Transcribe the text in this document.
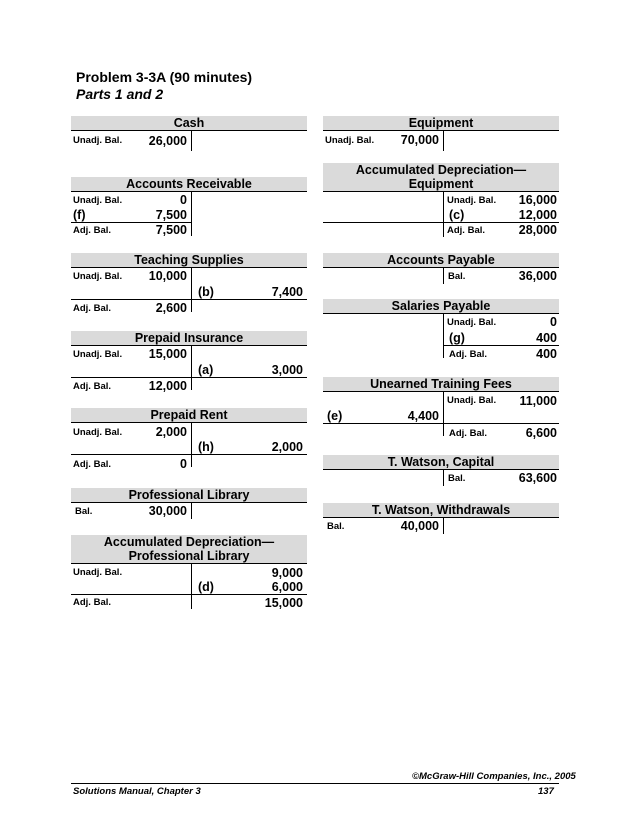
Problem 3-3A (90 minutes)
Parts 1 and 2
Cash
Unadj. Bal.	26,000
Accounts Receivable
Unadj. Bal.	0
(f)	7,500
Adj. Bal.	7,500
Teaching Supplies
Unadj. Bal.	10,000
(b)	7,400
Adj. Bal.	2,600
Prepaid Insurance
Unadj. Bal.	15,000
(a)	3,000
Adj. Bal.	12,000
Prepaid Rent
Unadj. Bal.	2,000
(h)	2,000
Adj. Bal.	0
Professional Library
Bal.	30,000
Accumulated Depreciation—
Professional Library
Unadj. Bal.	9,000
(d)	6,000
Adj. Bal.	15,000
Equipment
Unadj. Bal.	70,000
Accumulated Depreciation—
Equipment
Unadj. Bal.	16,000
(c)	12,000
Adj. Bal.	28,000
Accounts Payable
Bal.	36,000
Salaries Payable
Unadj. Bal.	0
(g)	400
Adj. Bal.	400
Unearned Training Fees
Unadj. Bal.	11,000
(e)	4,400
Adj. Bal.	6,600
T. Watson, Capital
Bal.	63,600
T. Watson, Withdrawals
Bal.	40,000
©McGraw-Hill Companies, Inc., 2005
Solutions Manual, Chapter 3	137
